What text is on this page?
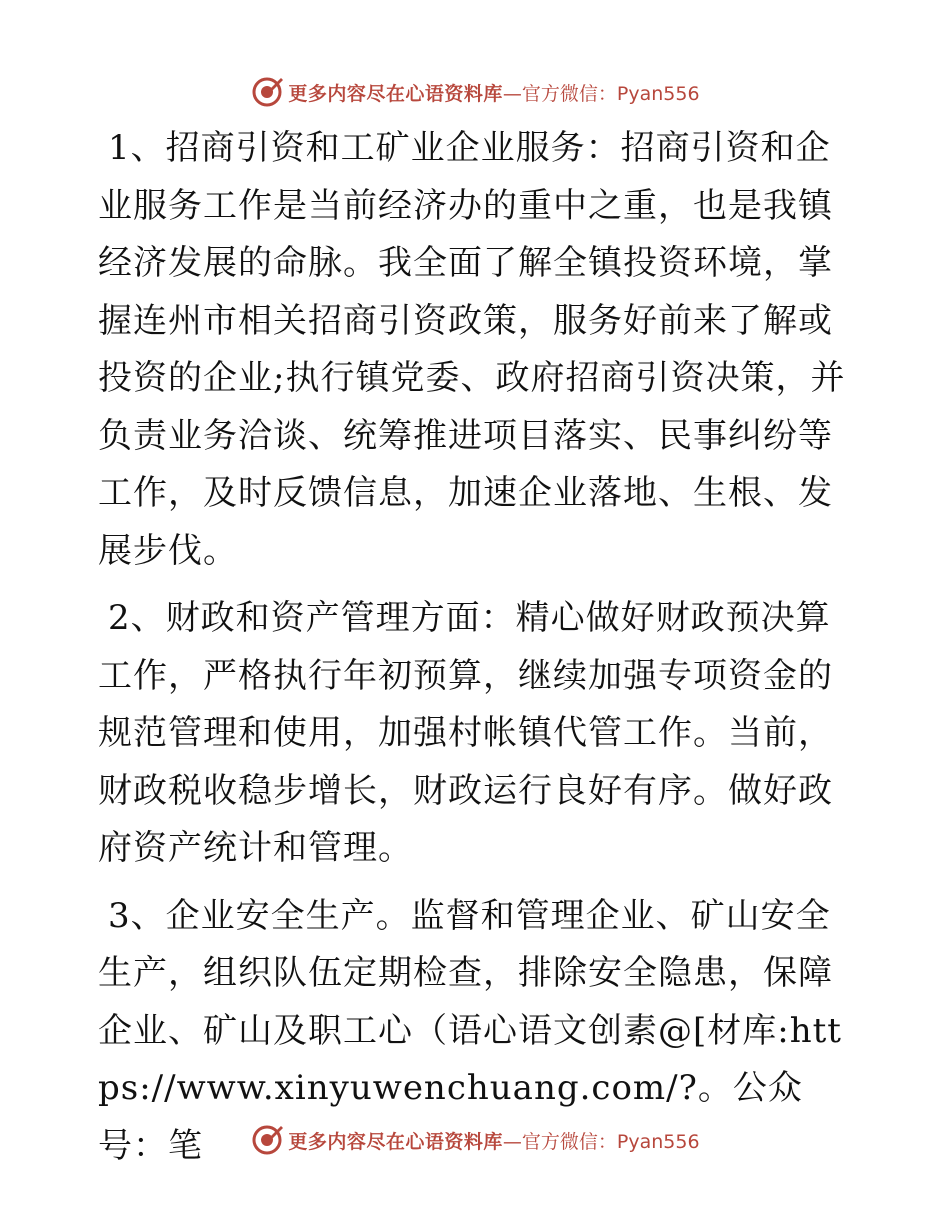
更多内容尽在心语资料库 —官方微信：Pyan556

1、招商引资和工矿业企业服务：招商引资和企业服务工作是当前经济办的重中之重，也是我镇经济发展的命脉。我全面了解全镇投资环境，掌握连州市相关招商引资政策，服务好前来了解或投资的企业;执行镇党委、政府招商引资决策，并负责业务洽谈、统筹推进项目落实、民事纠纷等工作，及时反馈信息，加速企业落地、生根、发展步伐。

2、财政和资产管理方面：精心做好财政预决算工作，严格执行年初预算，继续加强专项资金的规范管理和使用，加强村帐镇代管工作。当前，财政税收稳步增长，财政运行良好有序。做好政府资产统计和管理。

3、企业安全生产。监督和管理企业、矿山安全生产，组织队伍定期检查，排除安全隐患，保障企业、矿山及职工心（语心语文创素@[材库:https://www.xinyuwenchuang.com/?。公众号：笔	更多内容尽在心语资料库 —官方微信：Pyan556
